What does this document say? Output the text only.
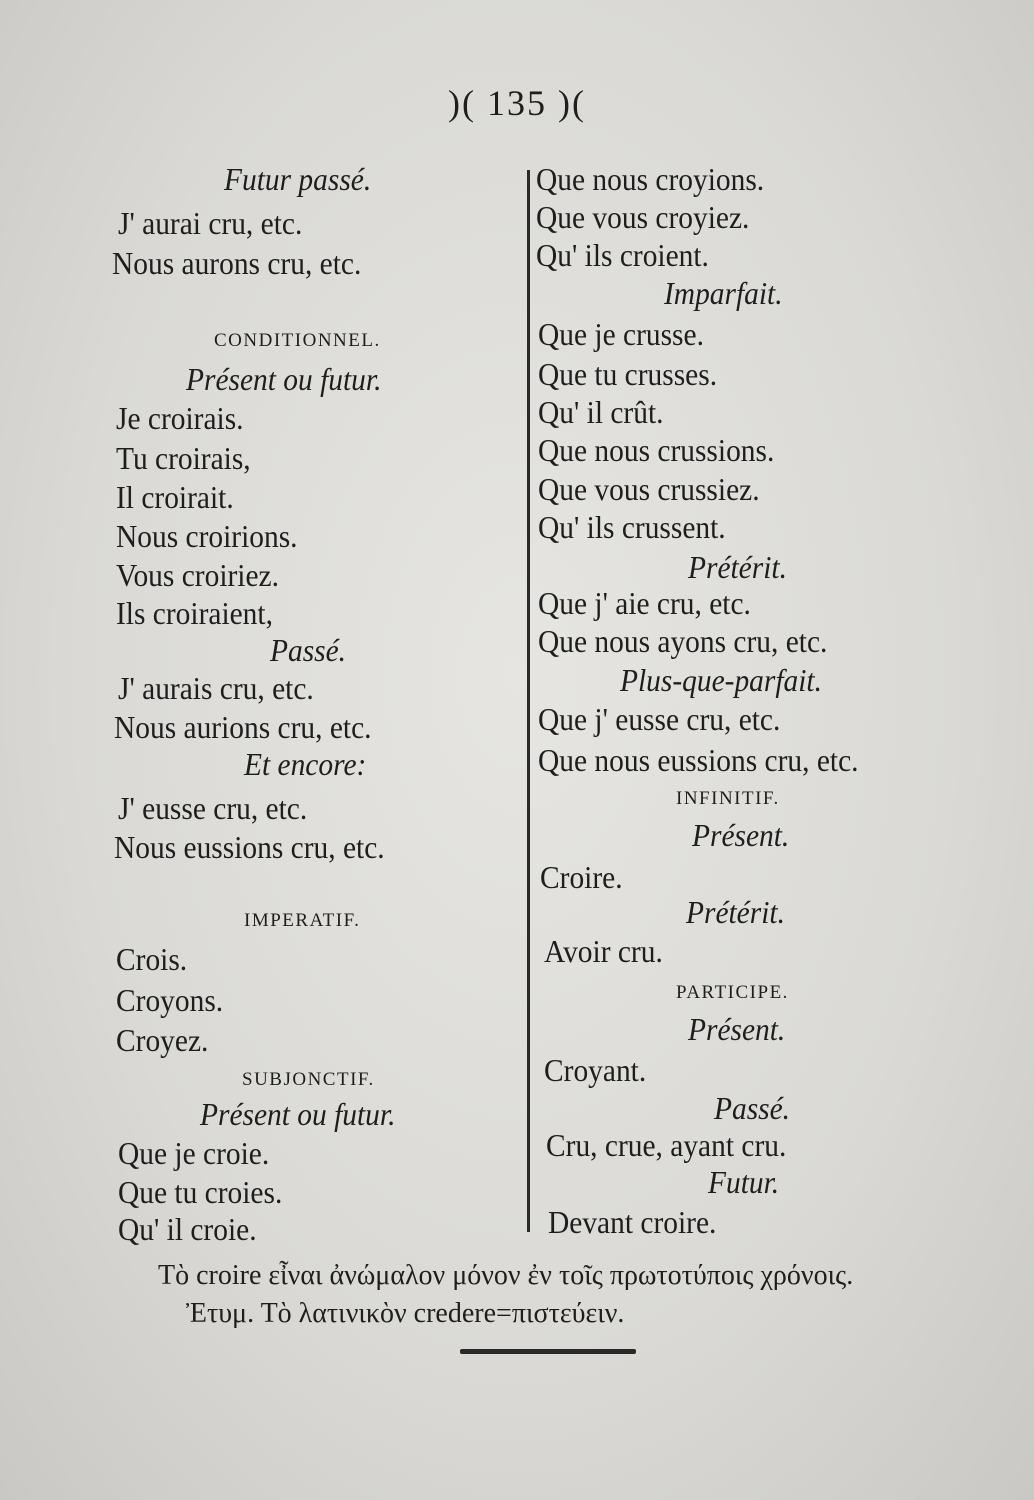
)( 135 )(
Futur passé.
J' aurai cru, etc.
Nous aurons cru, etc.
CONDITIONNEL.
Présent ou futur.
Je croirais.
Tu croirais,
Il croirait.
Nous croirions.
Vous croiriez.
Ils croiraient,
Passé.
J' aurais cru, etc.
Nous aurions cru, etc.
Et encore:
J' eusse cru, etc.
Nous eussions cru, etc.
IMPERATIF.
Crois.
Croyons.
Croyez.
SUBJONCTIF.
Présent ou futur.
Que je croie.
Que tu croies.
Qu' il croie.
Que nous croyions.
Que vous croyiez.
Qu' ils croient.
Imparfait.
Que je crusse.
Que tu crusses.
Qu' il crût.
Que nous crussions.
Que vous crussiez.
Qu' ils crussent.
Prétérit.
Que j' aie cru, etc.
Que nous ayons cru, etc.
Plus-que-parfait.
Que j' eusse cru, etc.
Que nous eussions cru, etc.
INFINITIF.
Présent.
Croire.
Prétérit.
Avoir cru.
PARTICIPE.
Présent.
Croyant.
Passé.
Cru, crue, ayant cru.
Futur.
Devant croire.
Τὸ croire εἶναι ἀνώμαλον μόνον ἐν τοῖς πρωτοτύποις χρόνοις.
Ἐτυμ. Τὸ λατινικὸν credere=πιστεύειν.
